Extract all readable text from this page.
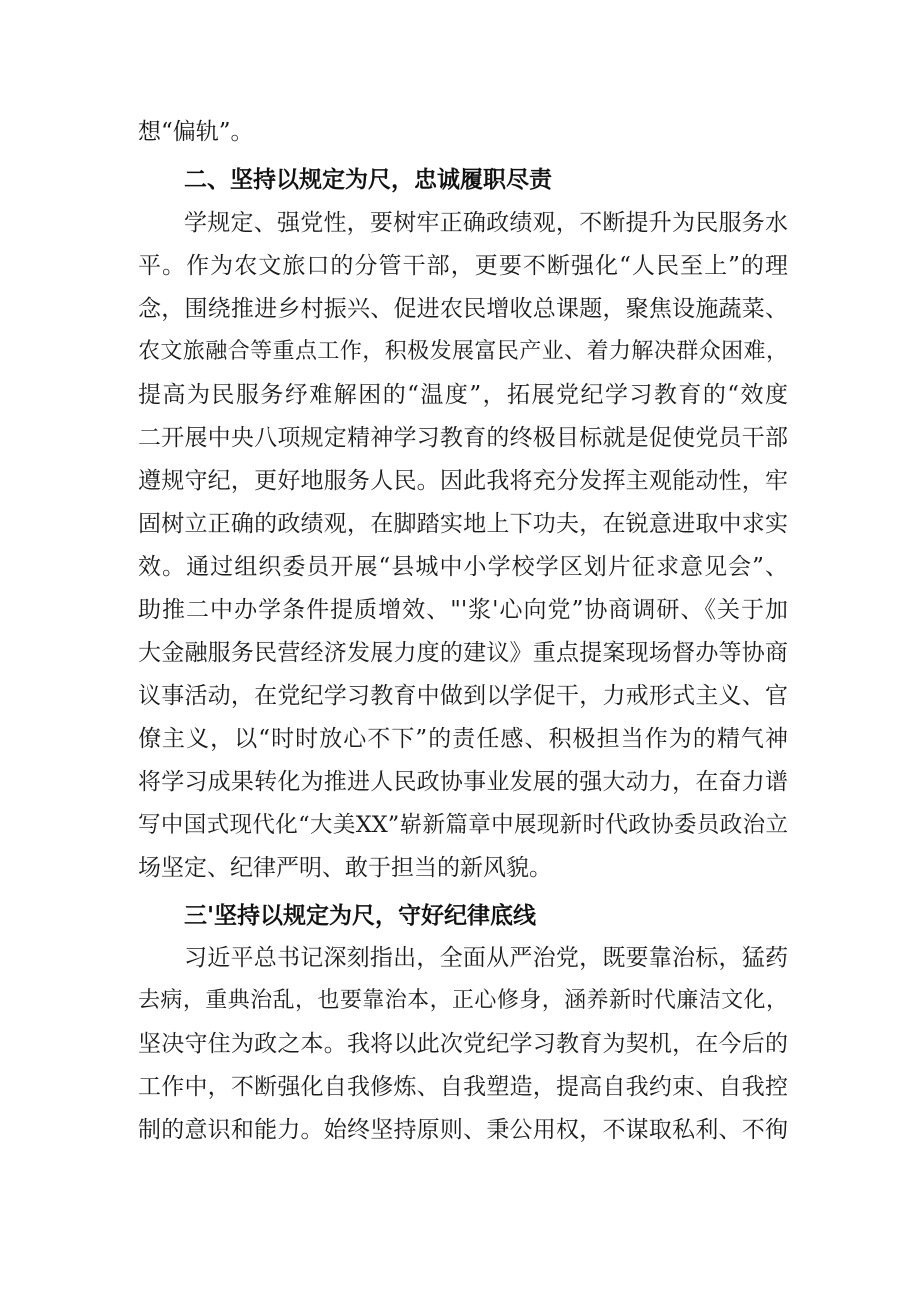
想“偏轨”。
二、坚持以规定为尺，忠诚履职尽责
学规定、强党性，要树牢正确政绩观，不断提升为民服务水
平。作为农文旅口的分管干部，更要不断强化“人民至上”的理
念，围绕推进乡村振兴、促进农民增收总课题，聚焦设施蔬菜、
农文旅融合等重点工作，积极发展富民产业、着力解决群众困难，
提高为民服务纾难解困的“温度”，拓展党纪学习教育的“效度
二开展中央八项规定精神学习教育的终极目标就是促使党员干部
遵规守纪，更好地服务人民。因此我将充分发挥主观能动性，牢
固树立正确的政绩观，在脚踏实地上下功夫，在锐意进取中求实
效。通过组织委员开展“县城中小学校学区划片征求意见会”、
助推二中办学条件提质增效、"'浆'心向党”协商调研、《关于加
大金融服务民营经济发展力度的建议》重点提案现场督办等协商
议事活动，在党纪学习教育中做到以学促干，力戒形式主义、官
僚主义，以“时时放心不下”的责任感、积极担当作为的精气神
将学习成果转化为推进人民政协事业发展的强大动力，在奋力谱
写中国式现代化“大美XX”崭新篇章中展现新时代政协委员政治立
场坚定、纪律严明、敢于担当的新风貌。
三'坚持以规定为尺，守好纪律底线
习近平总书记深刻指出，全面从严治党，既要靠治标，猛药
去病，重典治乱，也要靠治本，正心修身，涵养新时代廉洁文化，
坚决守住为政之本。我将以此次党纪学习教育为契机，在今后的
工作中，不断强化自我修炼、自我塑造，提高自我约束、自我控
制的意识和能力。始终坚持原则、秉公用权，不谋取私利、不徇
